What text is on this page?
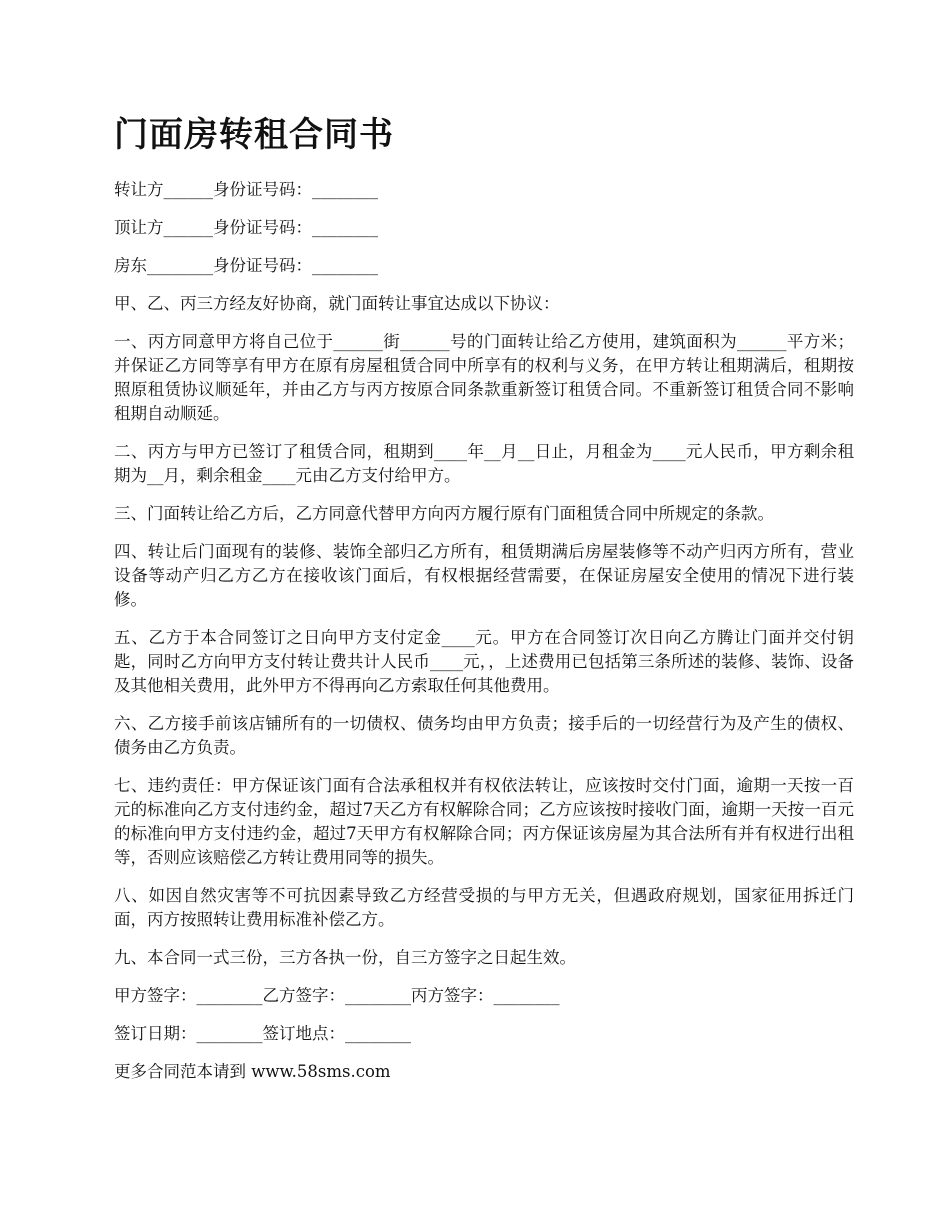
门面房转租合同书

转让方______身份证号码：________

顶让方______身份证号码：________

房东________身份证号码：________

甲、乙、丙三方经友好协商，就门面转让事宜达成以下协议：

一、丙方同意甲方将自己位于______街______号的门面转让给乙方使用，建筑面积为______平方米；并保证乙方同等享有甲方在原有房屋租赁合同中所享有的权利与义务，在甲方转让租期满后，租期按照原租赁协议顺延年，并由乙方与丙方按原合同条款重新签订租赁合同。不重新签订租赁合同不影响租期自动顺延。

二、丙方与甲方已签订了租赁合同，租期到____年__月__日止，月租金为____元人民币，甲方剩余租期为__月，剩余租金____元由乙方支付给甲方。

三、门面转让给乙方后，乙方同意代替甲方向丙方履行原有门面租赁合同中所规定的条款。

四、转让后门面现有的装修、装饰全部归乙方所有，租赁期满后房屋装修等不动产归丙方所有，营业设备等动产归乙方乙方在接收该门面后，有权根据经营需要，在保证房屋安全使用的情况下进行装修。

五、乙方于本合同签订之日向甲方支付定金____元。甲方在合同签订次日向乙方腾让门面并交付钥匙，同时乙方向甲方支付转让费共计人民币____元，，上述费用已包括第三条所述的装修、装饰、设备及其他相关费用，此外甲方不得再向乙方索取任何其他费用。

六、乙方接手前该店铺所有的一切债权、债务均由甲方负责；接手后的一切经营行为及产生的债权、债务由乙方负责。

七、违约责任：甲方保证该门面有合法承租权并有权依法转让，应该按时交付门面，逾期一天按一百元的标准向乙方支付违约金，超过7天乙方有权解除合同；乙方应该按时接收门面，逾期一天按一百元的标准向甲方支付违约金，超过7天甲方有权解除合同；丙方保证该房屋为其合法所有并有权进行出租等，否则应该赔偿乙方转让费用同等的损失。

八、如因自然灾害等不可抗因素导致乙方经营受损的与甲方无关，但遇政府规划，国家征用拆迁门面，丙方按照转让费用标准补偿乙方。

九、本合同一式三份，三方各执一份，自三方签字之日起生效。

甲方签字：________乙方签字：________丙方签字：________

签订日期：________签订地点：________

更多合同范本请到 www.58sms.com
